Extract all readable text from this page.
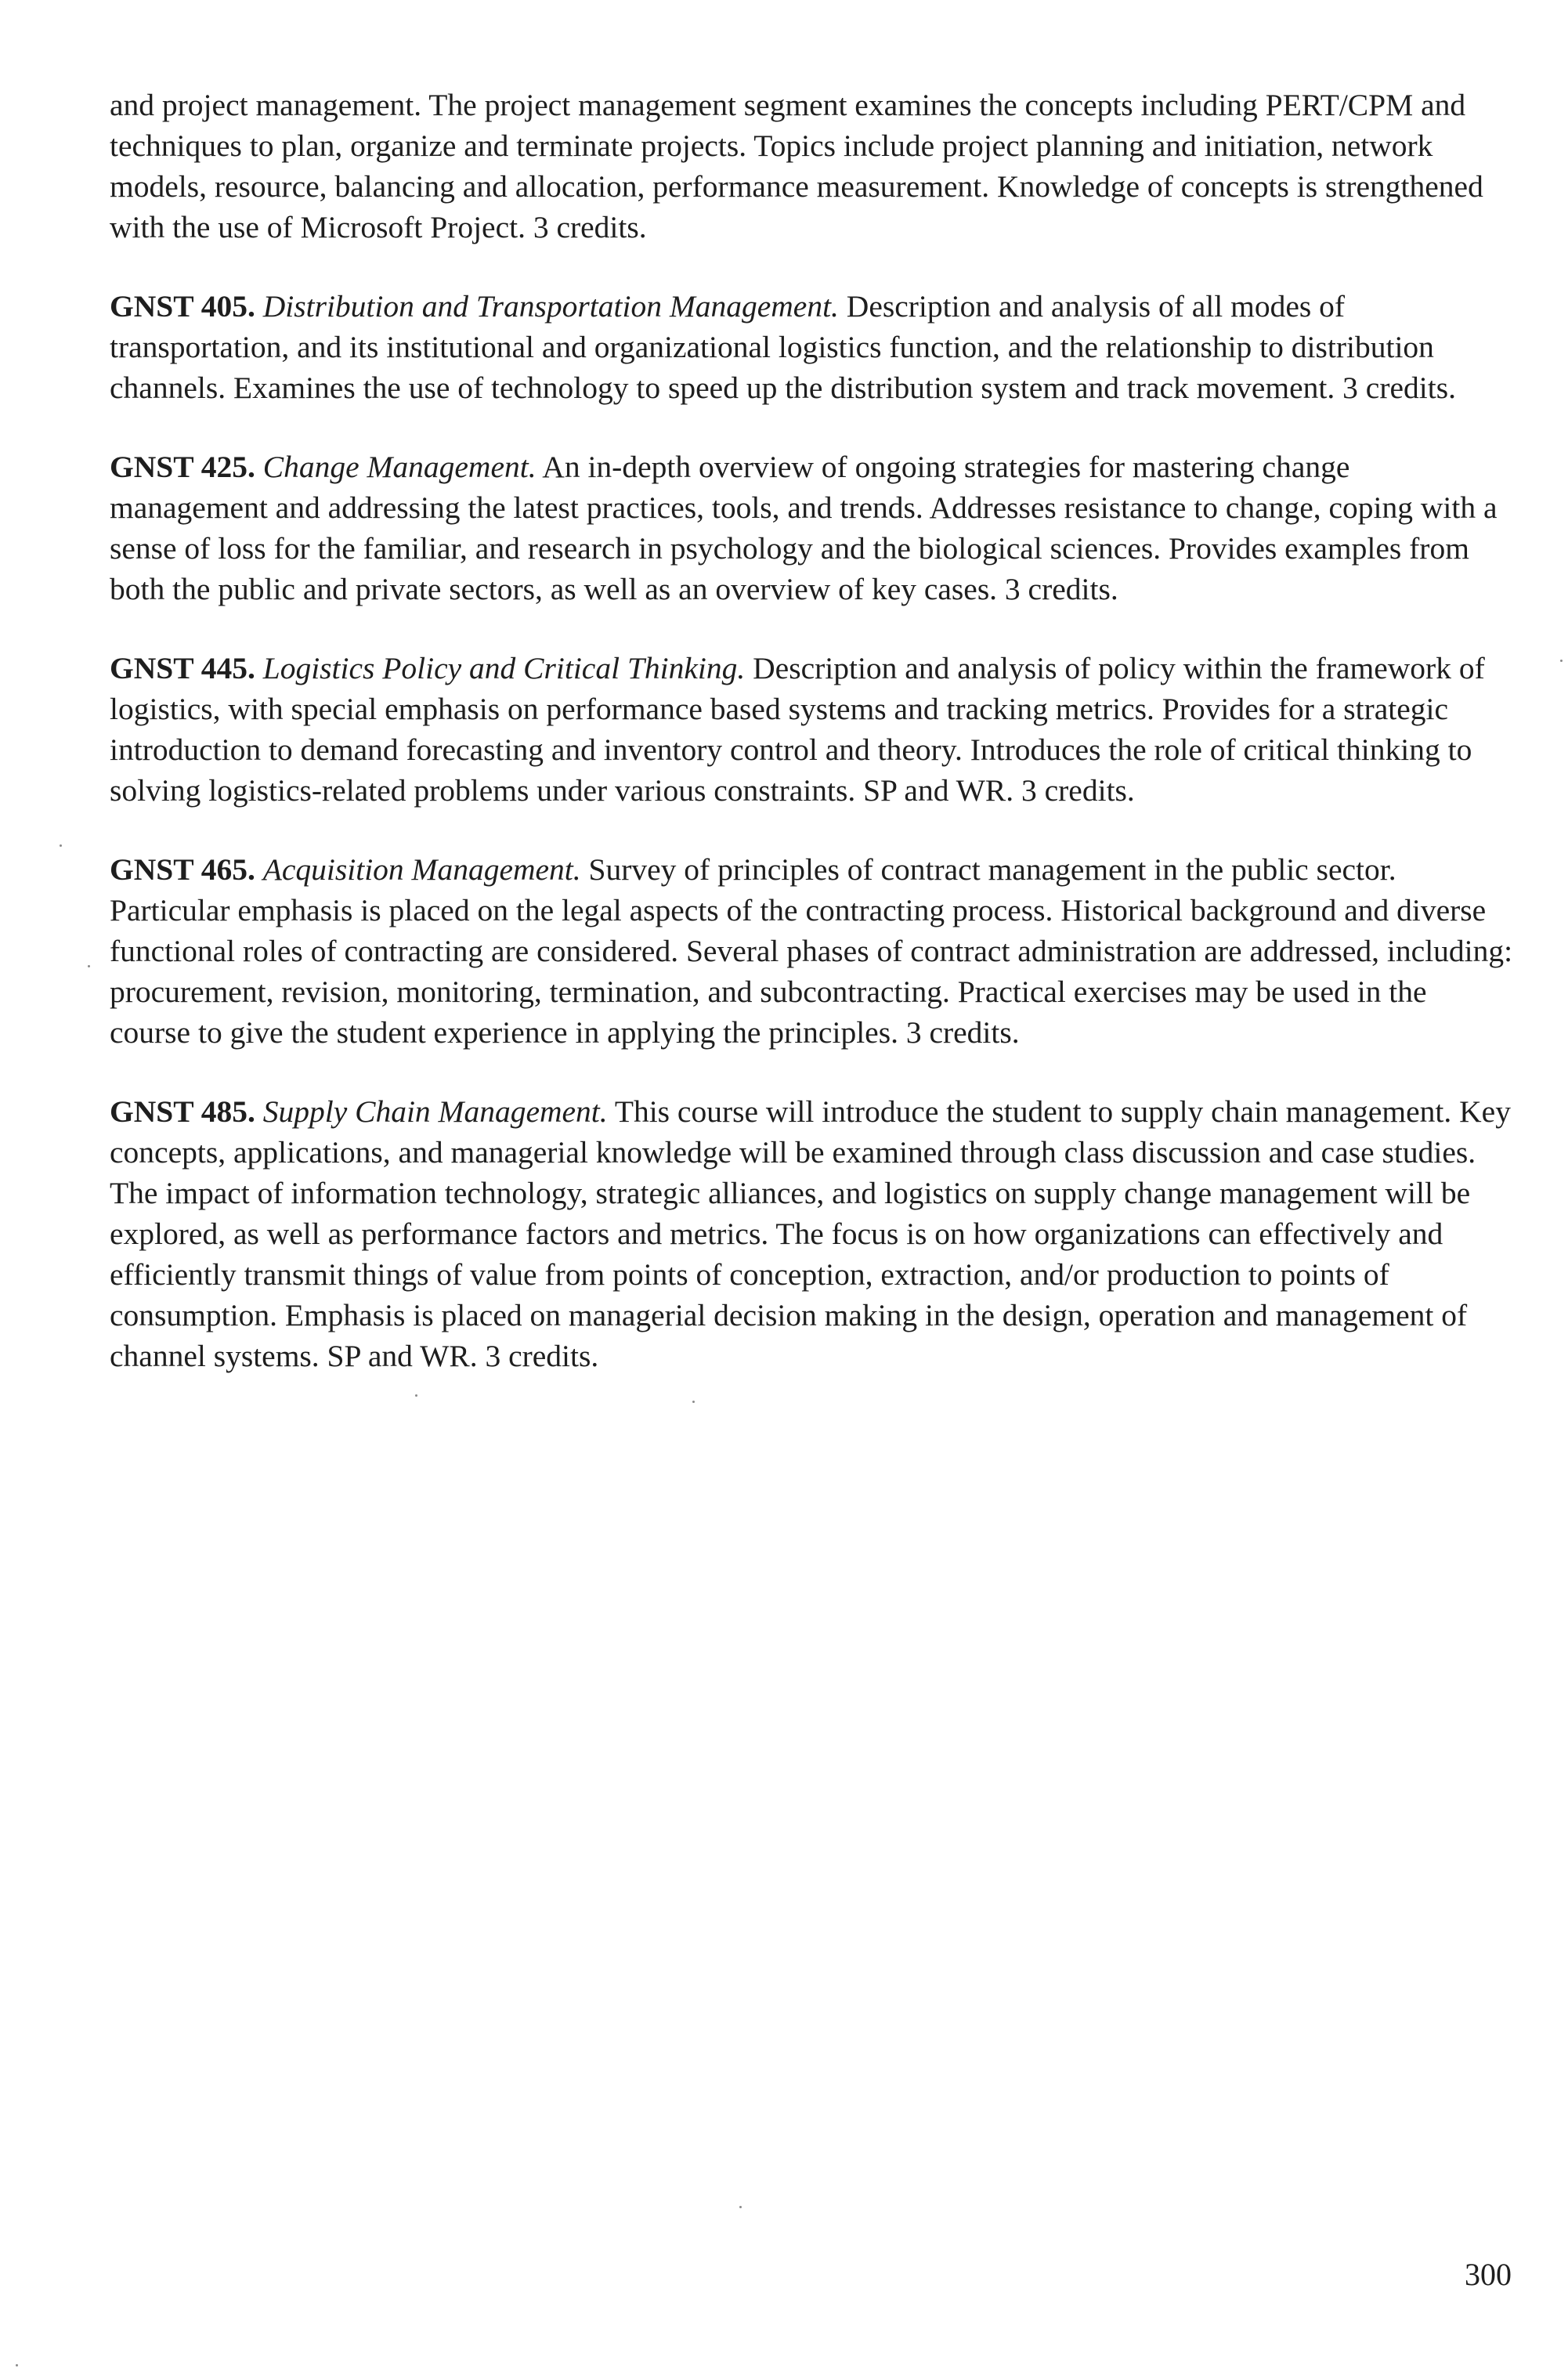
and project management. The project management segment examines the concepts including PERT/CPM and techniques to plan, organize and terminate projects. Topics include project planning and initiation, network models, resource, balancing and allocation, performance measurement. Knowledge of concepts is strengthened with the use of Microsoft Project. 3 credits.

GNST 405. Distribution and Transportation Management. Description and analysis of all modes of transportation, and its institutional and organizational logistics function, and the relationship to distribution channels. Examines the use of technology to speed up the distribution system and track movement. 3 credits.

GNST 425. Change Management. An in-depth overview of ongoing strategies for mastering change management and addressing the latest practices, tools, and trends. Addresses resistance to change, coping with a sense of loss for the familiar, and research in psychology and the biological sciences. Provides examples from both the public and private sectors, as well as an overview of key cases. 3 credits.

GNST 445. Logistics Policy and Critical Thinking. Description and analysis of policy within the framework of logistics, with special emphasis on performance based systems and tracking metrics. Provides for a strategic introduction to demand forecasting and inventory control and theory. Introduces the role of critical thinking to solving logistics-related problems under various constraints. SP and WR. 3 credits.

GNST 465. Acquisition Management. Survey of principles of contract management in the public sector. Particular emphasis is placed on the legal aspects of the contracting process. Historical background and diverse functional roles of contracting are considered. Several phases of contract administration are addressed, including: procurement, revision, monitoring, termination, and subcontracting. Practical exercises may be used in the course to give the student experience in applying the principles. 3 credits.

GNST 485. Supply Chain Management. This course will introduce the student to supply chain management. Key concepts, applications, and managerial knowledge will be examined through class discussion and case studies. The impact of information technology, strategic alliances, and logistics on supply change management will be explored, as well as performance factors and metrics. The focus is on how organizations can effectively and efficiently transmit things of value from points of conception, extraction, and/or production to points of consumption. Emphasis is placed on managerial decision making in the design, operation and management of channel systems. SP and WR. 3 credits.

300
